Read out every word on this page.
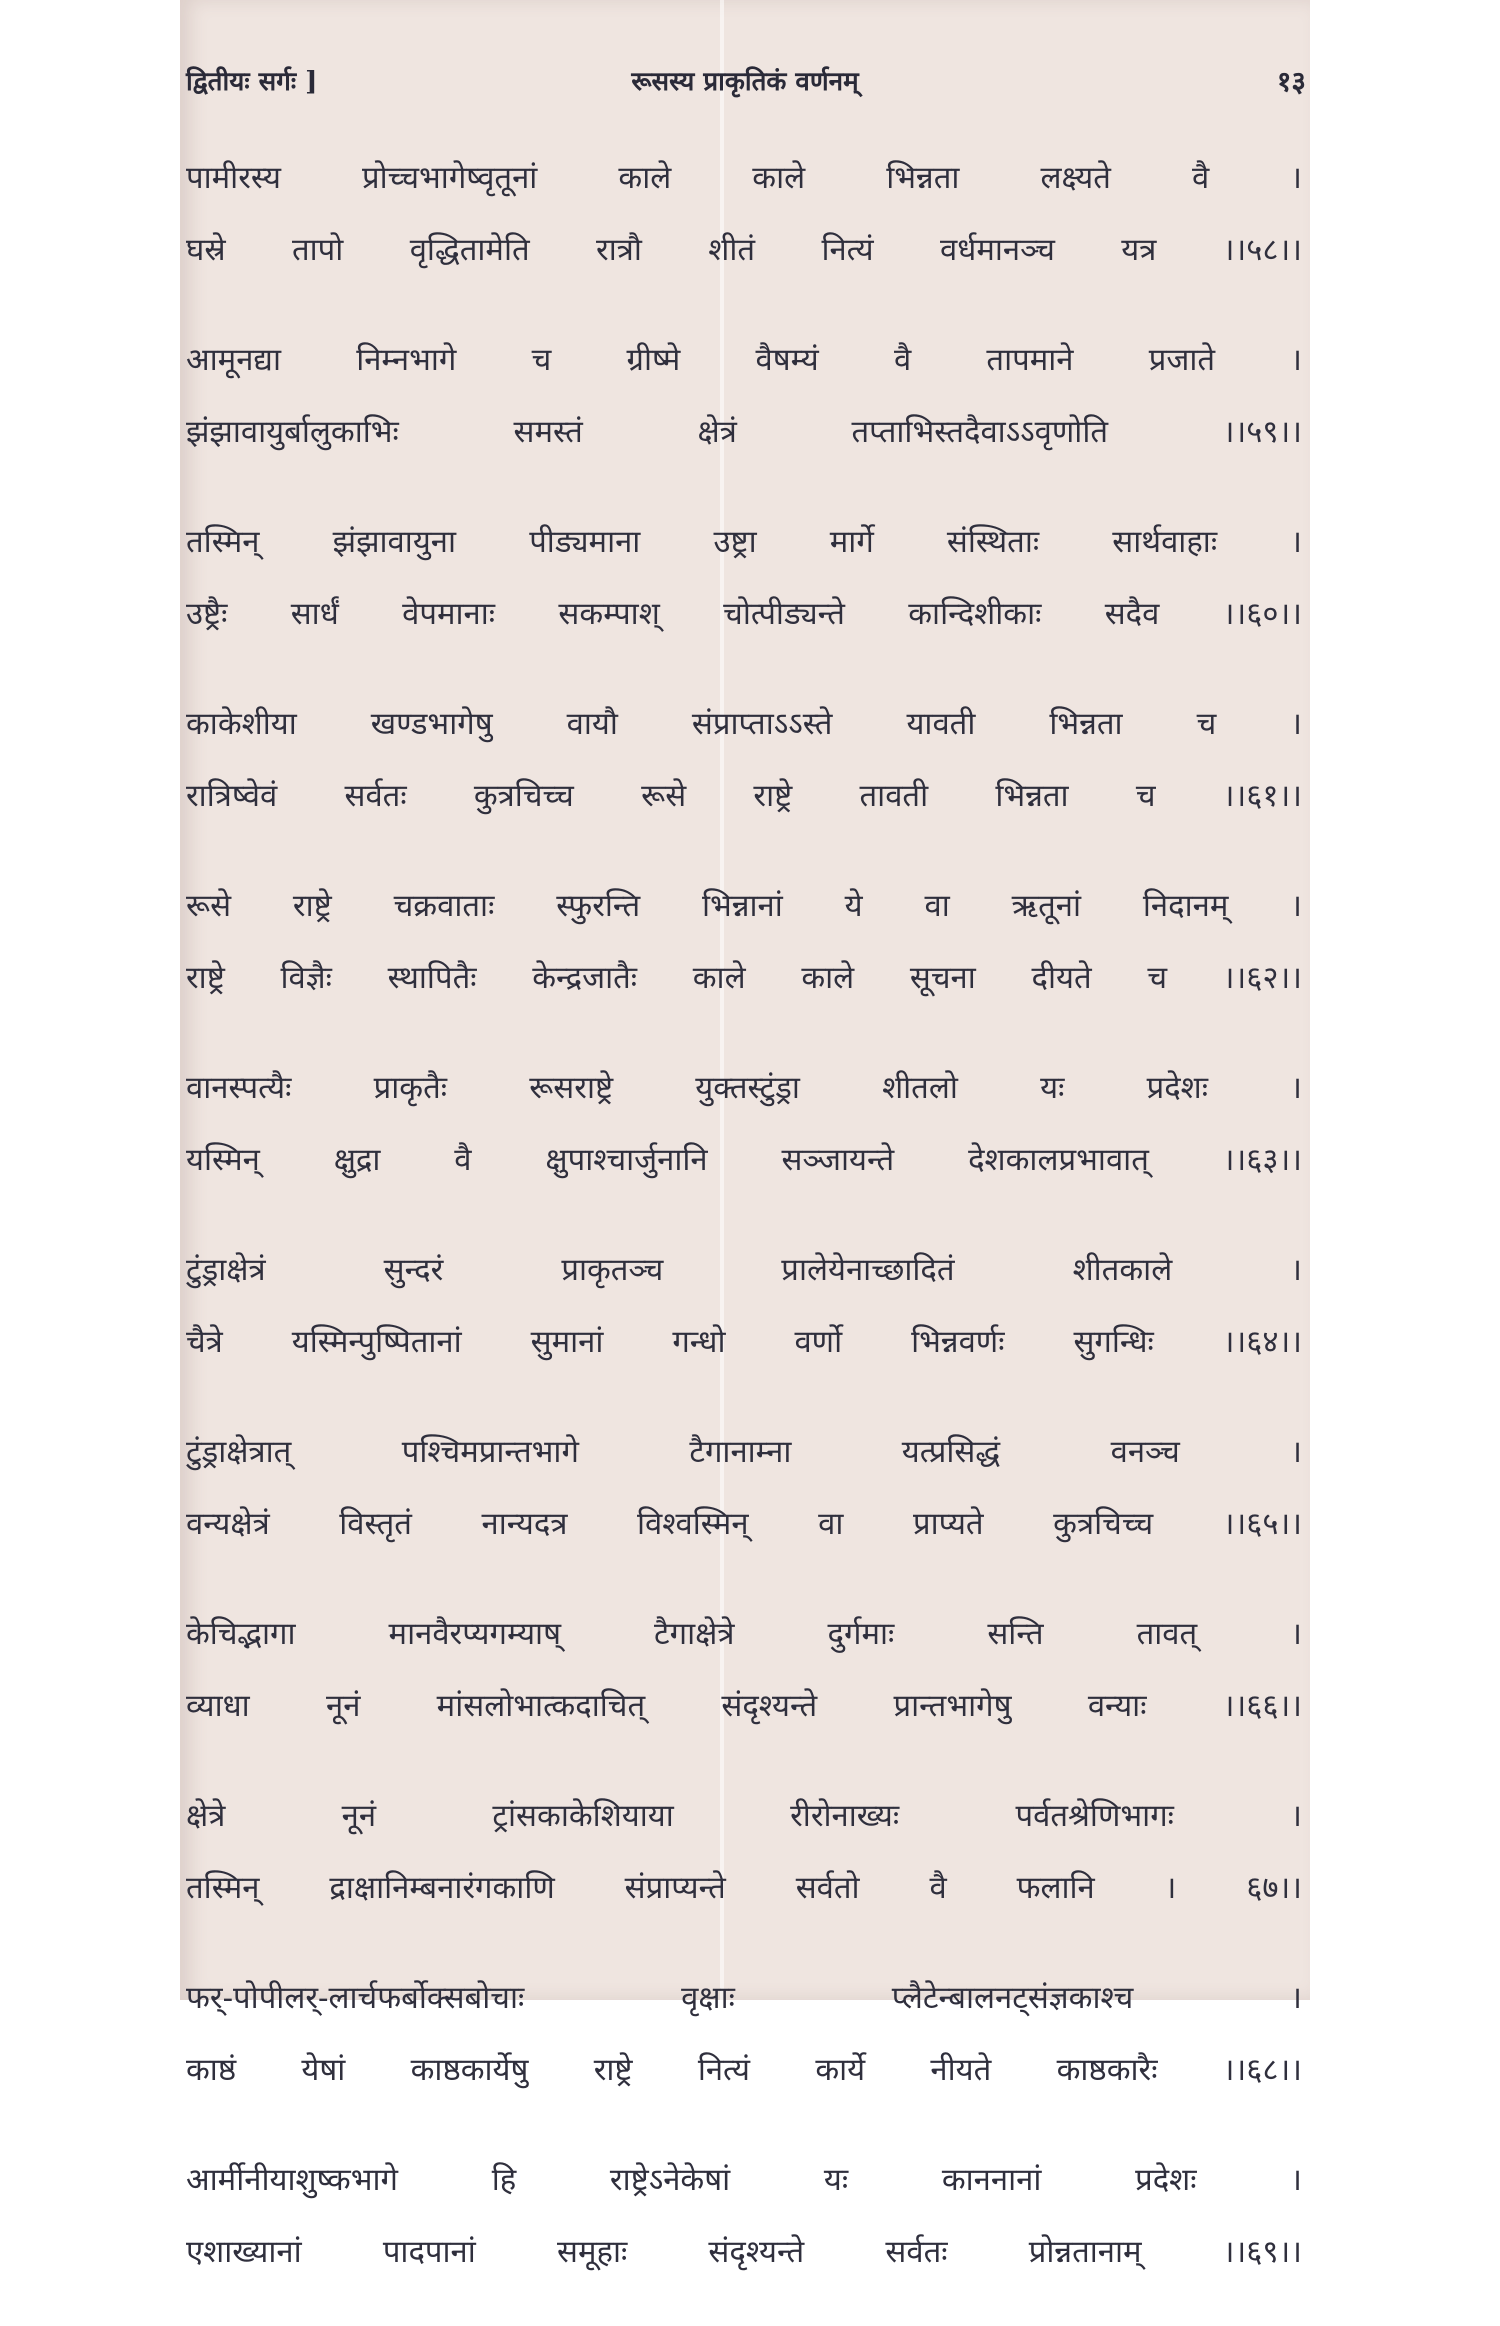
द्वितीयः सर्गः ]	रूसस्य प्राकृतिकं वर्णनम्	१३
पामीरस्य प्रोच्चभागेष्वृतूनां काले काले भिन्नता लक्ष्यते वै ।
घस्रे तापो वृद्धितामेति रात्रौ शीतं नित्यं वर्धमानञ्च यत्र ।।५८।।
आमूनद्या निम्नभागे च ग्रीष्मे वैषम्यं वै तापमाने प्रजाते ।
झंझावायुर्बालुकाभिः समस्तं क्षेत्रं तप्ताभिस्तदैवाऽऽवृणोति ।।५९।।
तस्मिन् झंझावायुना पीड्यमाना उष्ट्रा मार्गे संस्थिताः सार्थवाहाः ।
उष्ट्रैः सार्धं वेपमानाः सकम्पाश् चोत्पीड्यन्ते कान्दिशीकाः सदैव ।।६०।।
काकेशीया खण्डभागेषु वायौ संप्राप्ताऽऽस्ते यावती भिन्नता च ।
रात्रिष्वेवं सर्वतः कुत्रचिच्च रूसे राष्ट्रे तावती भिन्नता च ।।६१।।
रूसे राष्ट्रे चक्रवाताः स्फुरन्ति भिन्नानां ये वा ऋतूनां निदानम् ।
राष्ट्रे विज्ञैः स्थापितैः केन्द्रजातैः काले काले सूचना दीयते च ।।६२।।
वानस्पत्यैः प्राकृतैः रूसराष्ट्रे युक्तस्टुंड्रा शीतलो यः प्रदेशः ।
यस्मिन् क्षुद्रा वै क्षुपाश्चार्जुनानि सञ्जायन्ते देशकालप्रभावात् ।।६३।।
टुंड्राक्षेत्रं सुन्दरं प्राकृतञ्च प्रालेयेनाच्छादितं शीतकाले ।
चैत्रे यस्मिन्पुष्पितानां सुमानां गन्धो वर्णो भिन्नवर्णः सुगन्धिः ।।६४।।
टुंड्राक्षेत्रात् पश्चिमप्रान्तभागे टैगानाम्ना यत्प्रसिद्धं वनञ्च ।
वन्यक्षेत्रं विस्तृतं नान्यदत्र विश्वस्मिन् वा प्राप्यते कुत्रचिच्च ।।६५।।
केचिद्भागा मानवैरप्यगम्याष् टैगाक्षेत्रे दुर्गमाः सन्ति तावत् ।
व्याधा नूनं मांसलोभात्कदाचित् संदृश्यन्ते प्रान्तभागेषु वन्याः ।।६६।।
क्षेत्रे नूनं ट्रांसकाकेशियाया रीरोनाख्यः पर्वतश्रेणिभागः ।
तस्मिन् द्राक्षानिम्बनारंगकाणि संप्राप्यन्ते सर्वतो वै फलानि । ६७।।
फर्-पोपीलर्-लार्चफर्बोक्सबोचाः वृक्षाः प्लैटेन्बालनट्संज्ञकाश्च ।
काष्ठं येषां काष्ठकार्येषु राष्ट्रे नित्यं कार्ये नीयते काष्ठकारैः ।।६८।।
आर्मीनीयाशुष्कभागे हि राष्ट्रेऽनेकेषां यः काननानां प्रदेशः ।
एशाख्यानां पादपानां समूहाः संदृश्यन्ते सर्वतः प्रोन्नतानाम् ।।६९।।
